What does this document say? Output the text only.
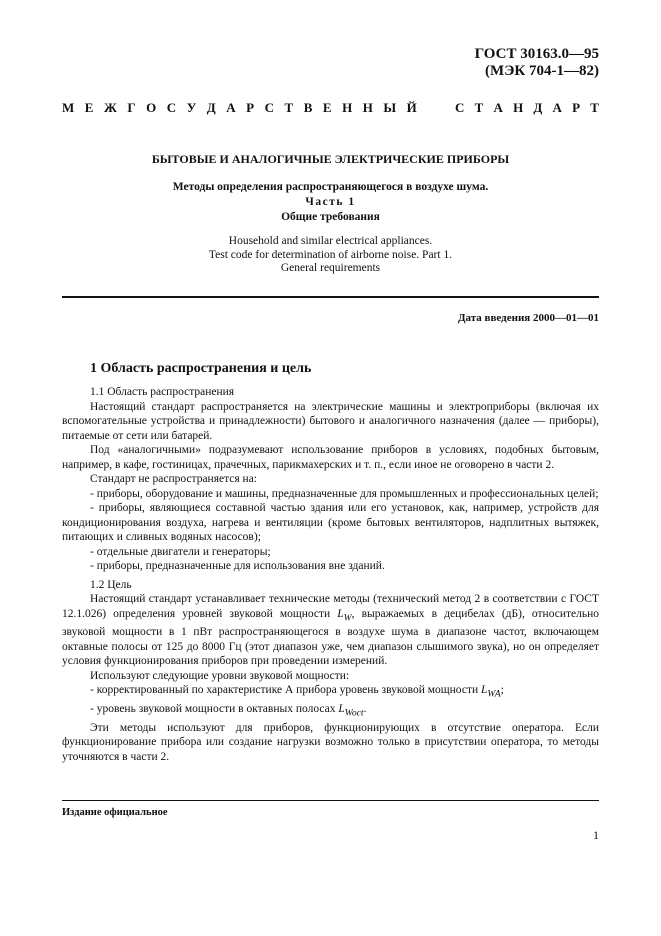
ГОСТ 30163.0—95
(МЭК 704-1—82)
М Е Ж Г О С У Д А Р С Т В Е Н Н Ы Й	С Т А Н Д А Р Т
БЫТОВЫЕ И АНАЛОГИЧНЫЕ ЭЛЕКТРИЧЕСКИЕ ПРИБОРЫ
Методы определения распространяющегося в воздухе шума.
Часть 1
Общие требования
Household and similar electrical appliances.
Test code for determination of airborne noise. Part 1.
General requirements
Дата введения 2000—01—01
1 Область распространения и цель

1.1 Область распространения

Настоящий стандарт распространяется на электрические машины и электроприборы (включая их вспомогательные устройства и принадлежности) бытового и аналогичного назначения (далее — приборы), питаемые от сети или батарей.

Под «аналогичными» подразумевают использование приборов в условиях, подобных бытовым, например, в кафе, гостиницах, прачечных, парикмахерских и т. п., если иное не оговорено в части 2.

Стандарт не распространяется на:

- приборы, оборудование и машины, предназначенные для промышленных и профессиональных целей;

- приборы, являющиеся составной частью здания или его установок, как, например, устройств для кондиционирования воздуха, нагрева и вентиляции (кроме бытовых вентиляторов, надплитных вытяжек, питающих и сливных водяных насосов);

- отдельные двигатели и генераторы;

- приборы, предназначенные для использования вне зданий.

1.2 Цель

Настоящий стандарт устанавливает технические методы (технический метод 2 в соответствии с ГОСТ 12.1.026) определения уровней звуковой мощности $L_W$, выражаемых в децибелах (дБ), относительно звуковой мощности в 1 пВт распространяющегося в воздухе шума в диапазоне частот, включающем октавные полосы от 125 до 8000 Гц (этот диапазон уже, чем диапазон слышимого звука), но он определяет условия функционирования приборов при проведении измерений.

Используют следующие уровни звуковой мощности:

- корректированный по характеристике А прибора уровень звуковой мощности $L_{WA}$;

- уровень звуковой мощности в октавных полосах $L_{Woct}$.

Эти методы используют для приборов, функционирующих в отсутствие оператора. Если функционирование прибора или создание нагрузки возможно только в присутствии оператора, то методы уточняются в части 2.

Издание официальное
1
